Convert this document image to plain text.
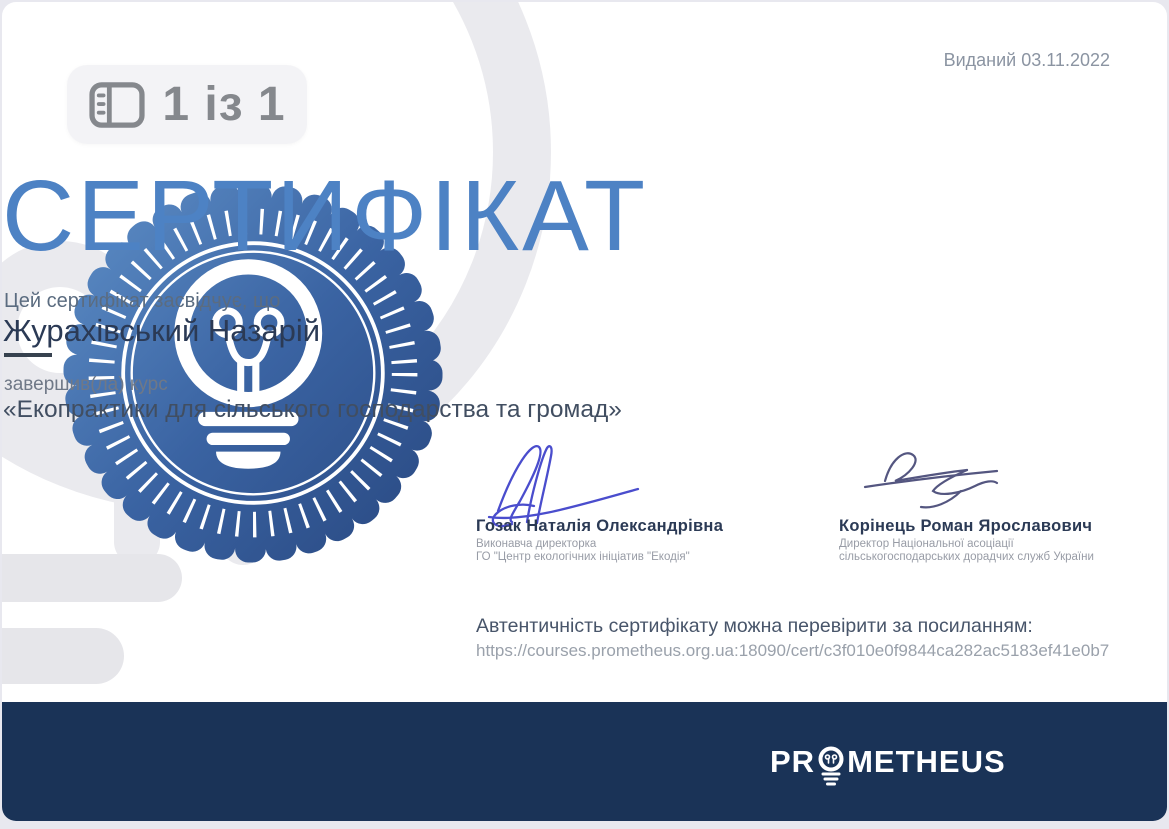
1 із 1
Виданий 03.11.2022
СЕРТИФІКАТ
Цей сертифікат засвідчує, що
Журахівський Назарій
завершив(ла) курс
«Екопрактики для сільського господарства та громад»
Гозак Наталія Олександрівна
Виконавча директорка
ГО "Центр екологічних ініціатив "Екодія"
Корінець Роман Ярославович
Директор Національної асоціації
сільськогосподарських дорадчих служб України
Автентичність сертифікату можна перевірити за посиланням:
https://courses.prometheus.org.ua:18090/cert/c3f010e0f9844ca282ac5183ef41e0b7
PR METHEUS
